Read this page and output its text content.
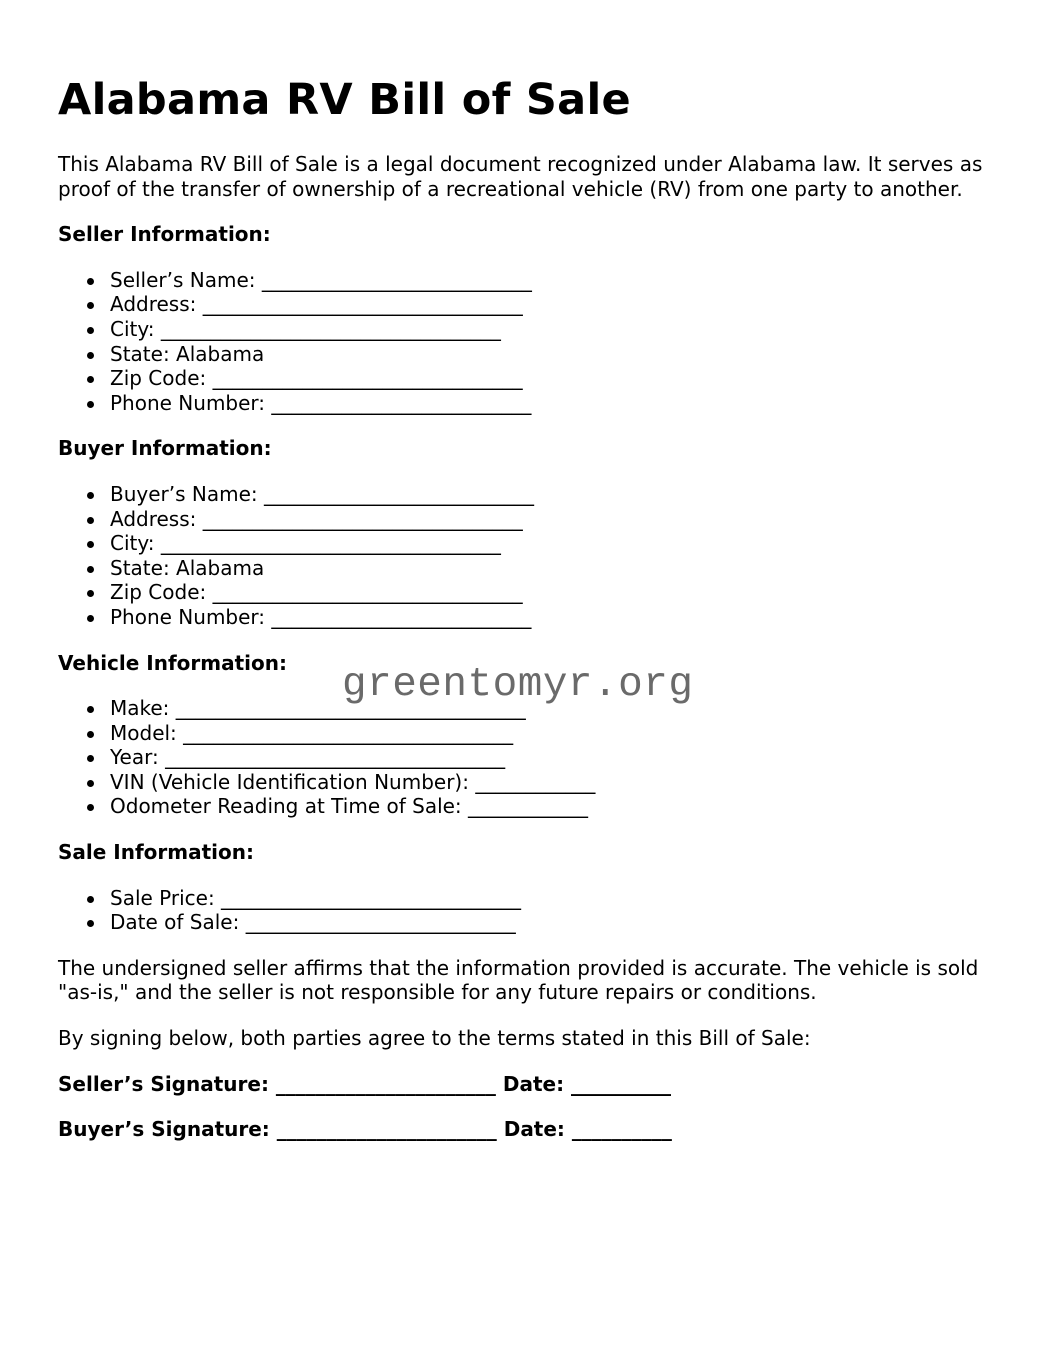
Alabama RV Bill of Sale

This Alabama RV Bill of Sale is a legal document recognized under Alabama law. It serves as proof of the transfer of ownership of a recreational vehicle (RV) from one party to another.

Seller Information:
Seller’s Name: ___________________________
Address: ________________________________
City: __________________________________
State: Alabama
Zip Code: _______________________________
Phone Number: __________________________
Buyer Information:
Buyer’s Name: ___________________________
Address: ________________________________
City: __________________________________
State: Alabama
Zip Code: _______________________________
Phone Number: __________________________
Vehicle Information:
Make: ___________________________________
Model: _________________________________
Year: __________________________________
VIN (Vehicle Identification Number): ____________
Odometer Reading at Time of Sale: ____________
Sale Information:
Sale Price: ______________________________
Date of Sale: ___________________________

The undersigned seller affirms that the information provided is accurate. The vehicle is sold "as-is," and the seller is not responsible for any future repairs or conditions.

By signing below, both parties agree to the terms stated in this Bill of Sale:

Seller’s Signature: ______________________ Date: __________
Buyer’s Signature: ______________________ Date: __________
greentomyr.org
